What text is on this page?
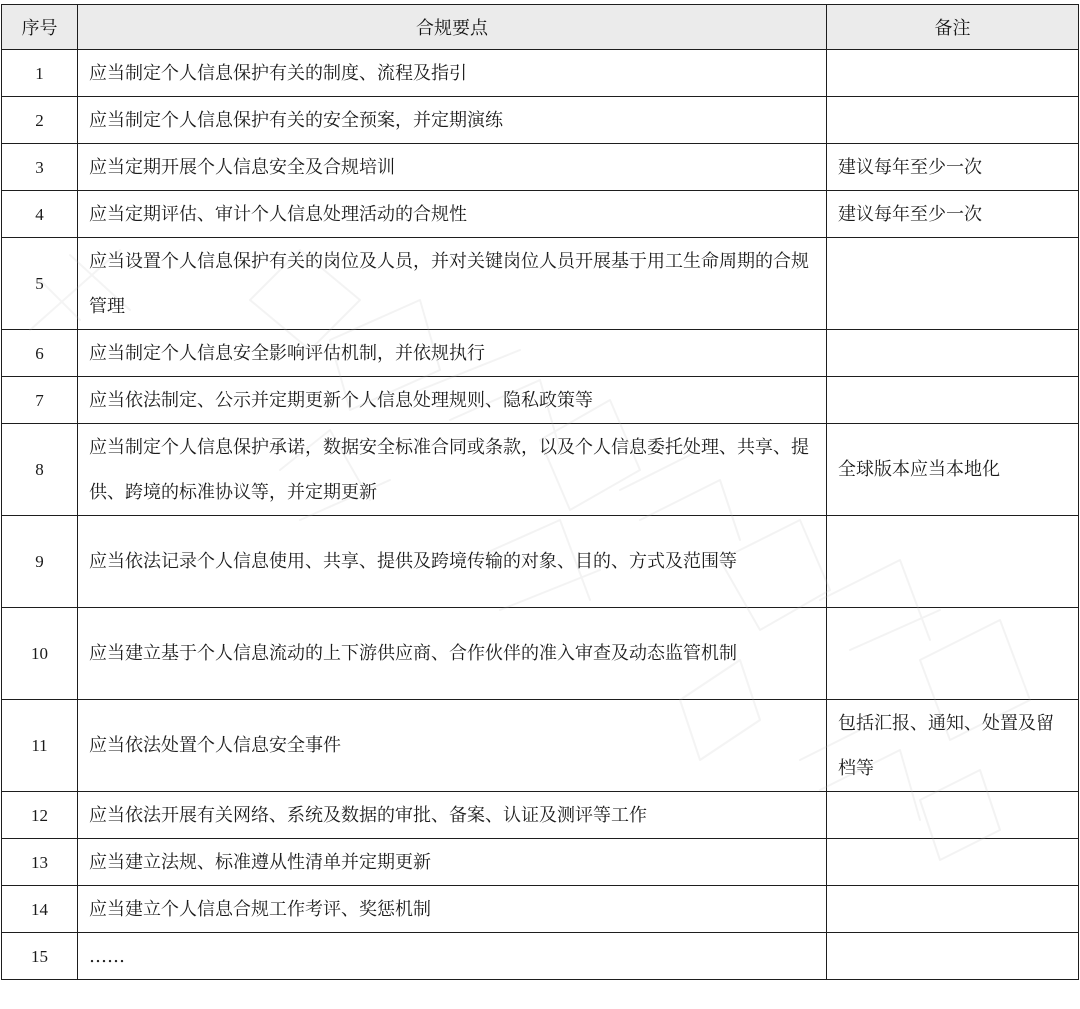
序号	合规要点	备注
1	应当制定个人信息保护有关的制度、流程及指引	
2	应当制定个人信息保护有关的安全预案，并定期演练	
3	应当定期开展个人信息安全及合规培训	建议每年至少一次
4	应当定期评估、审计个人信息处理活动的合规性	建议每年至少一次
5	应当设置个人信息保护有关的岗位及人员，并对关键岗位人员开展基于用工生命周期的合规管理	
6	应当制定个人信息安全影响评估机制，并依规执行	
7	应当依法制定、公示并定期更新个人信息处理规则、隐私政策等	
8	应当制定个人信息保护承诺，数据安全标准合同或条款，以及个人信息委托处理、共享、提供、跨境的标准协议等，并定期更新	全球版本应当本地化
9	应当依法记录个人信息使用、共享、提供及跨境传输的对象、目的、方式及范围等	
10	应当建立基于个人信息流动的上下游供应商、合作伙伴的准入审查及动态监管机制	
11	应当依法处置个人信息安全事件	包括汇报、通知、处置及留档等
12	应当依法开展有关网络、系统及数据的审批、备案、认证及测评等工作	
13	应当建立法规、标准遵从性清单并定期更新	
14	应当建立个人信息合规工作考评、奖惩机制	
15	……	
